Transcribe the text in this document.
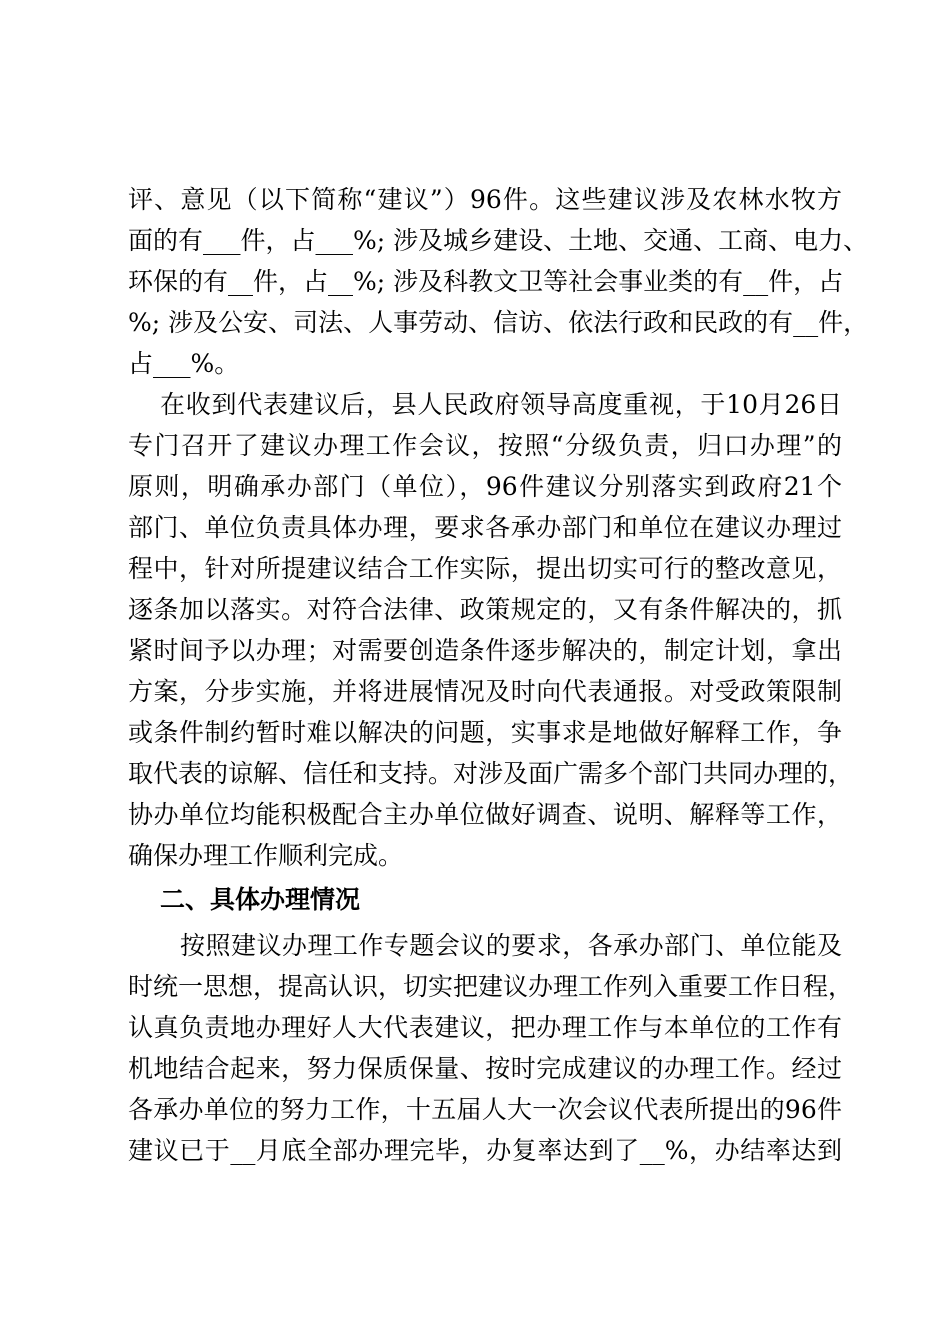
评、意见（以下简称“建议”）96件。这些建议涉及农林水牧方
面的有___件，占___%; 涉及城乡建设、土地、交通、工商、电力、
环保的有__件，占__%; 涉及科教文卫等社会事业类的有__件，占
%; 涉及公安、司法、人事劳动、信访、依法行政和民政的有__件，
占___%。
在收到代表建议后，县人民政府领导高度重视，于10月26日
专门召开了建议办理工作会议，按照“分级负责，归口办理”的
原则，明确承办部门（单位），96件建议分别落实到政府21个
部门、单位负责具体办理，要求各承办部门和单位在建议办理过
程中，针对所提建议结合工作实际，提出切实可行的整改意见，
逐条加以落实。对符合法律、政策规定的，又有条件解决的，抓
紧时间予以办理；对需要创造条件逐步解决的，制定计划，拿出
方案，分步实施，并将进展情况及时向代表通报。对受政策限制
或条件制约暂时难以解决的问题，实事求是地做好解释工作，争
取代表的谅解、信任和支持。对涉及面广需多个部门共同办理的，
协办单位均能积极配合主办单位做好调查、说明、解释等工作，
确保办理工作顺利完成。
二、具体办理情况
按照建议办理工作专题会议的要求，各承办部门、单位能及
时统一思想，提高认识，切实把建议办理工作列入重要工作日程，
认真负责地办理好人大代表建议，把办理工作与本单位的工作有
机地结合起来，努力保质保量、按时完成建议的办理工作。经过
各承办单位的努力工作，十五届人大一次会议代表所提出的96件
建议已于__月底全部办理完毕，办复率达到了__%，办结率达到
